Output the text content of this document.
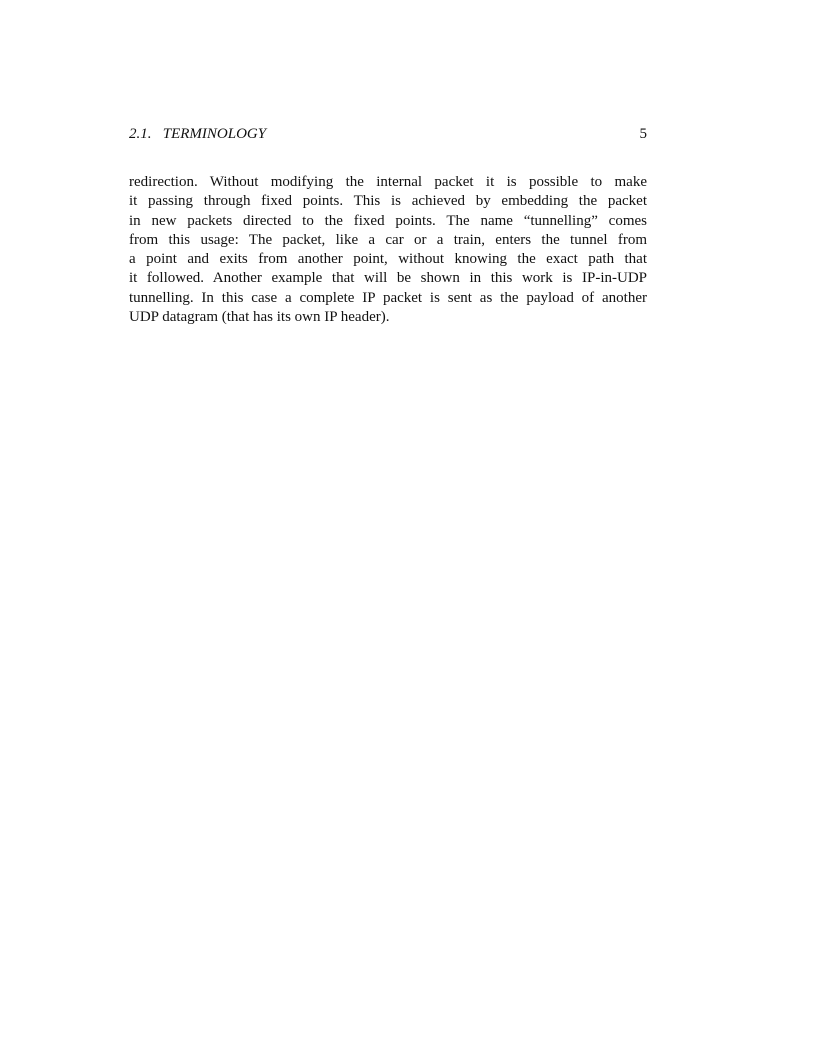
2.1.   TERMINOLOGY	5
redirection. Without modifying the internal packet it is possible to make
it passing through fixed points. This is achieved by embedding the packet
in new packets directed to the fixed points. The name “tunnelling” comes
from this usage: The packet, like a car or a train, enters the tunnel from
a point and exits from another point, without knowing the exact path that
it followed. Another example that will be shown in this work is IP-in-UDP
tunnelling. In this case a complete IP packet is sent as the payload of another
UDP datagram (that has its own IP header).
